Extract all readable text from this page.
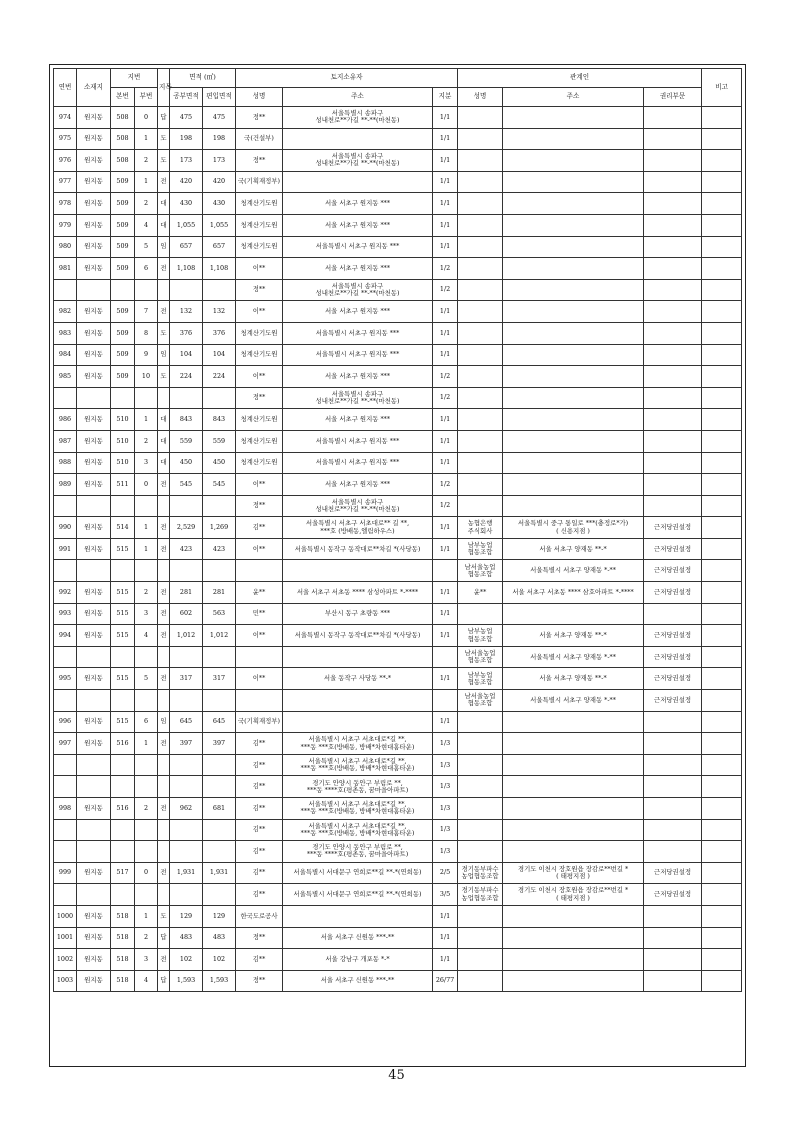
연번	소재지	지번		지목	면적 (㎡)		토지소유자			관계인			비고
		본번	부번		공부면적	편입면적	성명	주소	지분	성명	주소	권리부문	
974	원지동	508	0	답	475	475	정**	서울특별시 송파구
성내천로**가길 **-**(마천동)	1/1				
975	원지동	508	1	도	198	198	국(건설부)		1/1				
976	원지동	508	2	도	173	173	정**	서울특별시 송파구
성내천로**가길 **-**(마천동)	1/1				
977	원지동	509	1	전	420	420	국(기획재정부)		1/1				
978	원지동	509	2	대	430	430	청계산기도원	서울 서초구 원지동 ***	1/1				
979	원지동	509	4	대	1,055	1,055	청계산기도원	서울 서초구 원지동 ***	1/1				
980	원지동	509	5	임	657	657	청계산기도원	서울특별시 서초구 원지동 ***	1/1				
981	원지동	509	6	전	1,108	1,108	이**	서울 서초구 원지동 ***	1/2				
							정**	서울특별시 송파구
성내천로**가길 **-**(마천동)	1/2				
982	원지동	509	7	전	132	132	이**	서울 서초구 원지동 ***	1/1				
983	원지동	509	8	도	376	376	청계산기도원	서울특별시 서초구 원지동 ***	1/1				
984	원지동	509	9	임	104	104	청계산기도원	서울특별시 서초구 원지동 ***	1/1				
985	원지동	509	10	도	224	224	이**	서울 서초구 원지동 ***	1/2				
							정**	서울특별시 송파구
성내천로**가길 **-**(마천동)	1/2				
986	원지동	510	1	대	843	843	청계산기도원	서울 서초구 원지동 ***	1/1				
987	원지동	510	2	대	559	559	청계산기도원	서울특별시 서초구 원지동 ***	1/1				
988	원지동	510	3	대	450	450	청계산기도원	서울특별시 서초구 원지동 ***	1/1				
989	원지동	511	0	전	545	545	이**	서울 서초구 원지동 ***	1/2				
							정**	서울특별시 송파구
성내천로**가길 **-**(마천동)	1/2				
990	원지동	514	1	전	2,529	1,269	김**	서울특별시 서초구 서초대로** 길 **,
***호 (방배동,엘림하우스)	1/1	농협은행
주식회사	서울특별시 중구 통일로 ***(충정로*가)
( 신용지점 )	근저당권설정	
991	원지동	515	1	전	423	423	이**	서울특별시 동작구 동작대로**차길 *(사당동)	1/1	남부농업
협동조합	서울 서초구 양재동 **-*	근저당권설정	
										남서울농업
협동조합	서울특별시 서초구 양재동 *-**	근저당권설정	
992	원지동	515	2	전	281	281	윤**	서울 서초구 서초동 **** 삼성아파트 *-****	1/1	윤**	서울 서초구 서초동 **** 삼호아파트 *-****	근저당권설정	
993	원지동	515	3	전	602	563	민**	부산시 동구 초량동 ***	1/1				
994	원지동	515	4	전	1,012	1,012	이**	서울특별시 동작구 동작대로**차길 *(사당동)	1/1	남부농업
협동조합	서울 서초구 양재동 **-*	근저당권설정	
										남서울농업
협동조합	서울특별시 서초구 양재동 *-**	근저당권설정	
995	원지동	515	5	전	317	317	이**	서울 동작구 사당동 **-*	1/1	남부농업
협동조합	서울 서초구 양재동 **-*	근저당권설정	
										남서울농업
협동조합	서울특별시 서초구 양재동 *-**	근저당권설정	
996	원지동	515	6	임	645	645	국(기획재정부)		1/1				
997	원지동	516	1	전	397	397	김**	서울특별시 서초구 서초대로*길 **,
***동 ***호(방배동, 방배*차현대홈타운)	1/3				
							김**	서울특별시 서초구 서초대로*길 **,
***동 ***호(방배동, 방배*차현대홈타운)	1/3				
							김**	경기도 안양시 동안구 부림로 **,
***동 ****호(평촌동, 꿈마을아파트)	1/3				
998	원지동	516	2	전	962	681	김**	서울특별시 서초구 서초대로*길 **,
***동 ***호(방배동, 방배*차현대홈타운)	1/3				
							김**	서울특별시 서초구 서초대로*길 **,
***동 ***호(방배동, 방배*차현대홈타운)	1/3				
							김**	경기도 안양시 동안구 부림로 **,
***동 ****호(평촌동, 꿈마을아파트)	1/3				
999	원지동	517	0	전	1,931	1,931	김**	서울특별시 서대문구 연희로**길 **-*(연희동)	2/5	경기동부파수
농업협동조합	경기도 이천시 장호원읍 장감로**번길 *
( 태평지점 )	근저당권설정	
							김**	서울특별시 서대문구 연희로**길 **-*(연희동)	3/5	경기동부파수
농업협동조합	경기도 이천시 장호원읍 장감로**번길 *
( 태평지점 )	근저당권설정	
1000	원지동	518	1	도	129	129	한국도로공사		1/1				
1001	원지동	518	2	답	483	483	정**	서울 서초구 신원동 ***-**	1/1				
1002	원지동	518	3	전	102	102	김**	서울 강남구 개포동 *-*	1/1				
1003	원지동	518	4	답	1,593	1,593	정**	서울 서초구 신원동 ***-**	26/77				
45
